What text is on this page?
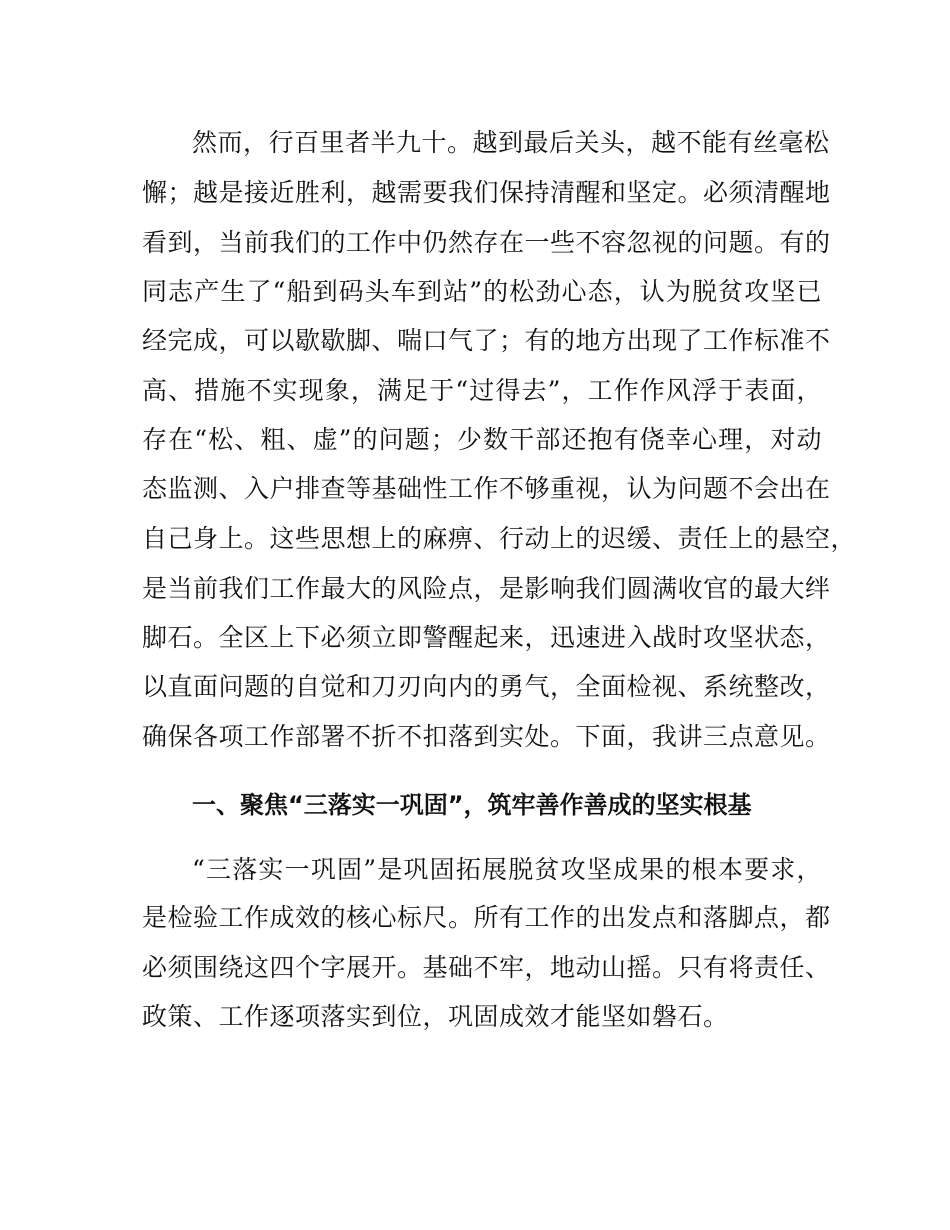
然而，行百里者半九十。越到最后关头，越不能有丝毫松
懈；越是接近胜利，越需要我们保持清醒和坚定。必须清醒地
看到，当前我们的工作中仍然存在一些不容忽视的问题。有的
同志产生了“船到码头车到站”的松劲心态，认为脱贫攻坚已
经完成，可以歇歇脚、喘口气了；有的地方出现了工作标准不
高、措施不实现象，满足于“过得去”，工作作风浮于表面，
存在“松、粗、虚”的问题；少数干部还抱有侥幸心理，对动
态监测、入户排查等基础性工作不够重视，认为问题不会出在
自己身上。这些思想上的麻痹、行动上的迟缓、责任上的悬空，
是当前我们工作最大的风险点，是影响我们圆满收官的最大绊
脚石。全区上下必须立即警醒起来，迅速进入战时攻坚状态，
以直面问题的自觉和刀刃向内的勇气，全面检视、系统整改，
确保各项工作部署不折不扣落到实处。下面，我讲三点意见。
一、聚焦“三落实一巩固”，筑牢善作善成的坚实根基
“三落实一巩固”是巩固拓展脱贫攻坚成果的根本要求，
是检验工作成效的核心标尺。所有工作的出发点和落脚点，都
必须围绕这四个字展开。基础不牢，地动山摇。只有将责任、
政策、工作逐项落实到位，巩固成效才能坚如磐石。
